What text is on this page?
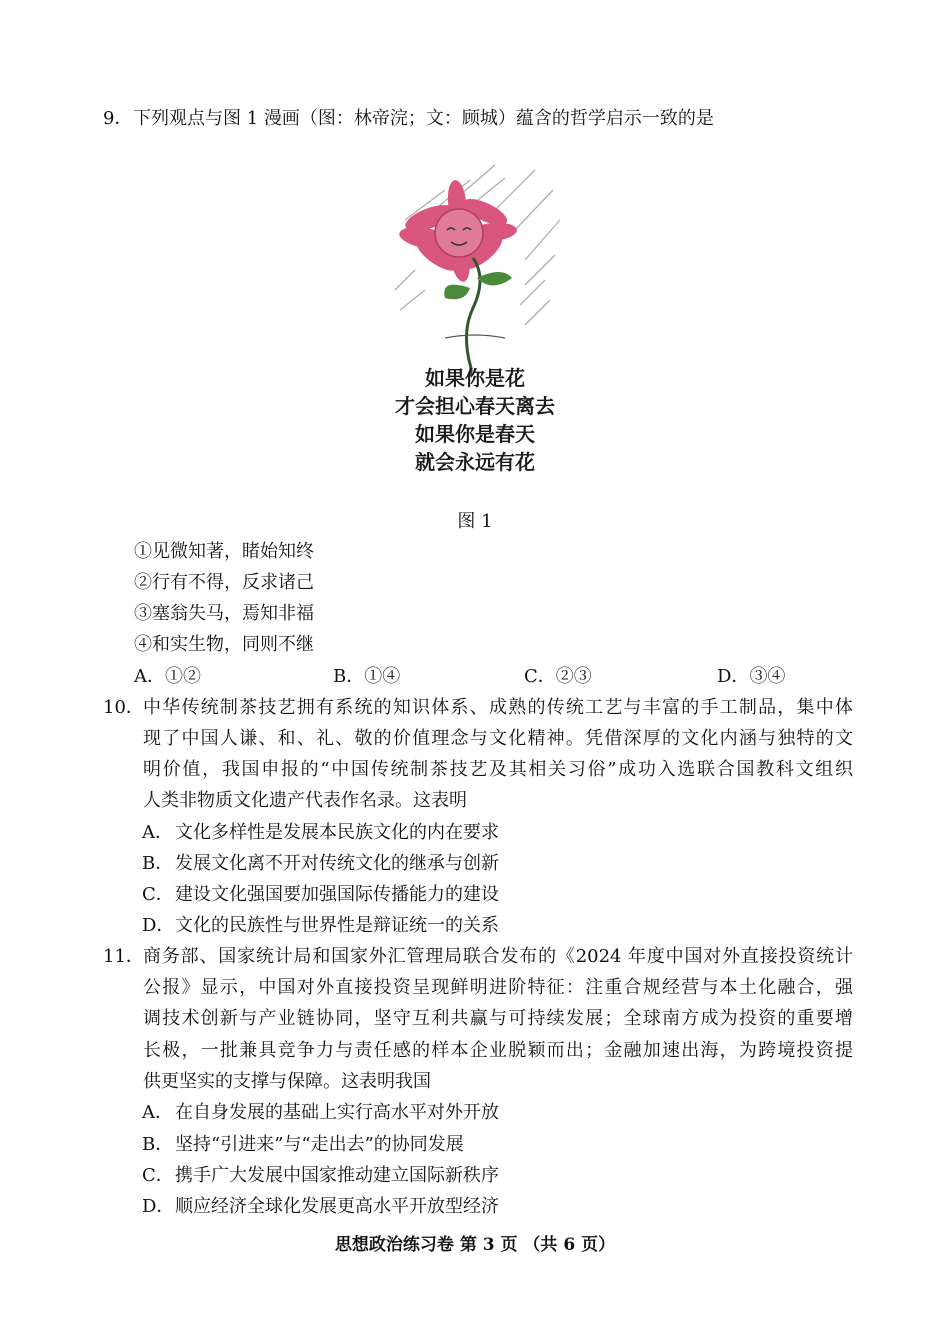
9． 下列观点与图 1 漫画（图：林帝浣；文：顾城）蕴含的哲学启示一致的是
如果你是花
才会担心春天离去
如果你是春天
就会永远有花
图 1
①见微知著，睹始知终
②行有不得，反求诸己
③塞翁失马，焉知非福
④和实生物，同则不继
A．①②	B．①④	C．②③	D．③④
10． 中华传统制茶技艺拥有系统的知识体系、成熟的传统工艺与丰富的手工制品，集中体
现了中国人谦、和、礼、敬的价值理念与文化精神。凭借深厚的文化内涵与独特的文
明价值，我国申报的“中国传统制茶技艺及其相关习俗”成功入选联合国教科文组织
人类非物质文化遗产代表作名录。这表明
A． 文化多样性是发展本民族文化的内在要求
B．发展文化离不开对传统文化的继承与创新
C．建设文化强国要加强国际传播能力的建设
D．文化的民族性与世界性是辩证统一的关系
11． 商务部、国家统计局和国家外汇管理局联合发布的《2024 年度中国对外直接投资统计
公报》显示，中国对外直接投资呈现鲜明进阶特征：注重合规经营与本土化融合，强
调技术创新与产业链协同，坚守互利共赢与可持续发展；全球南方成为投资的重要增
长极，一批兼具竞争力与责任感的样本企业脱颖而出；金融加速出海，为跨境投资提
供更坚实的支撑与保障。这表明我国
A． 在自身发展的基础上实行高水平对外开放
B．坚持“引进来”与“走出去”的协同发展
C．携手广大发展中国家推动建立国际新秩序
D．顺应经济全球化发展更高水平开放型经济
思想政治练习卷 第 3 页 （共 6 页）
